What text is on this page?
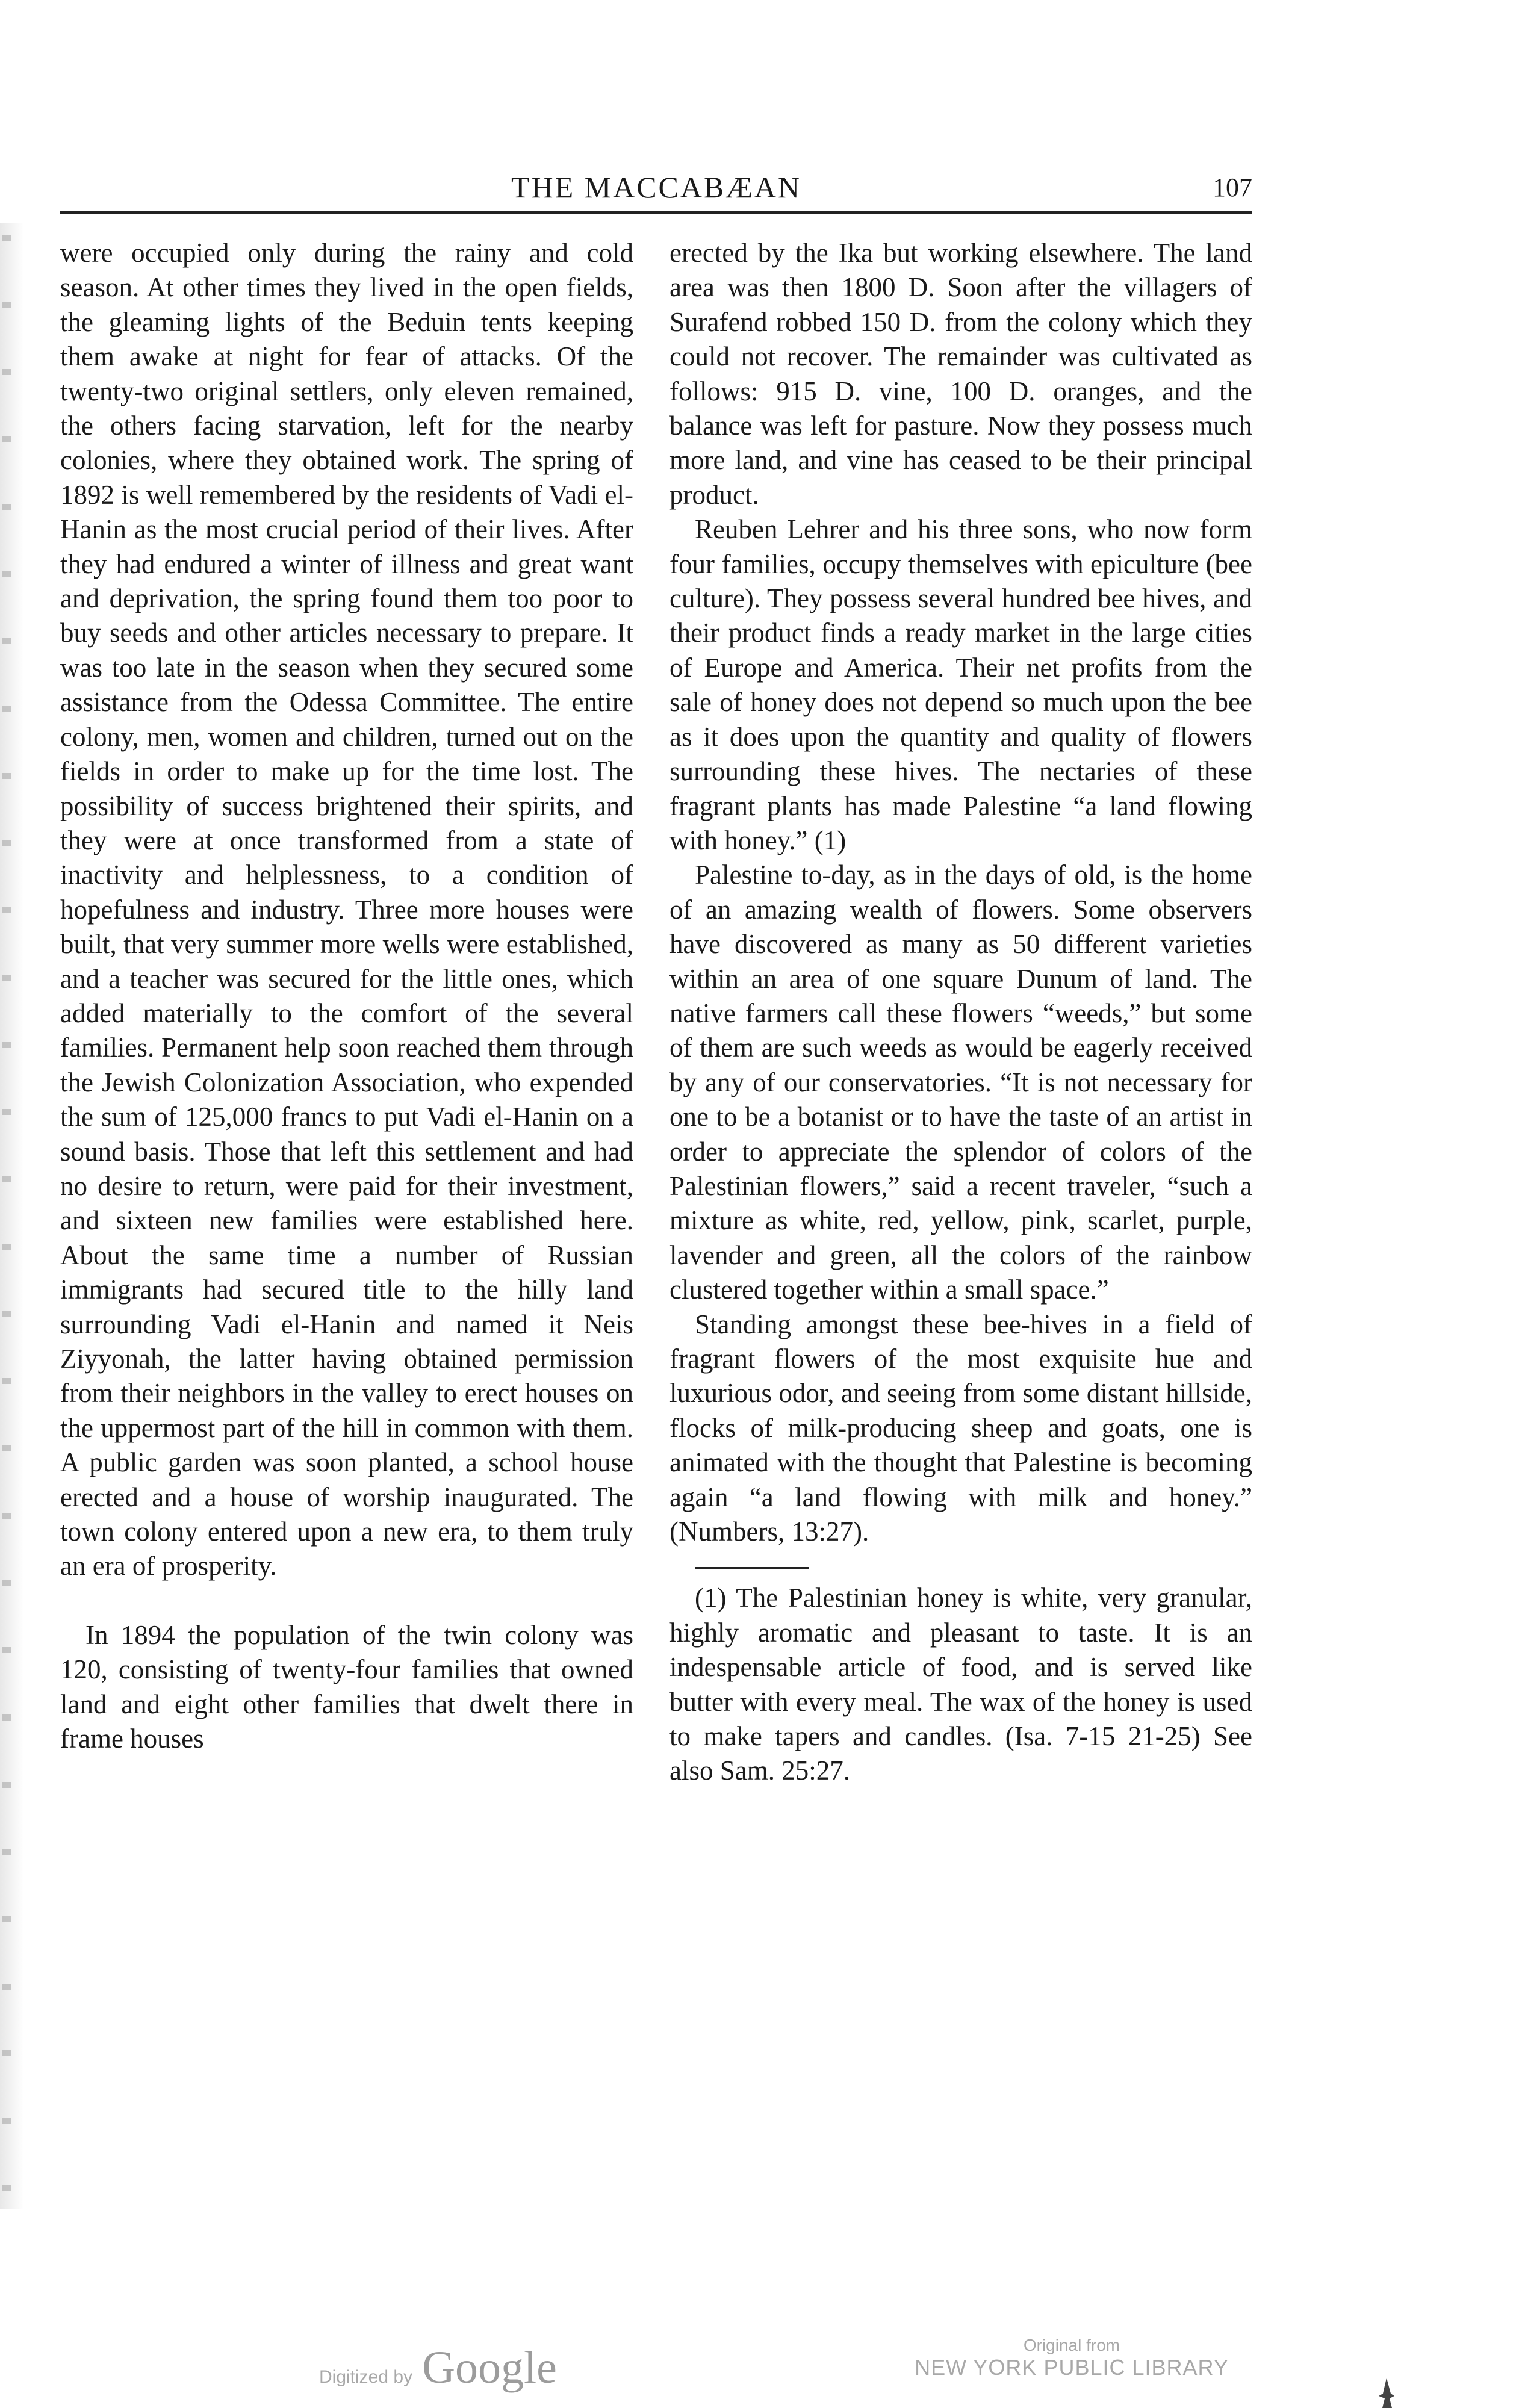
THE MACCABÆAN	107

were occupied only during the rainy and cold season. At other times they lived in the open fields, the gleaming lights of the Beduin tents keeping them awake at night for fear of attacks. Of the twenty-two original settlers, only eleven remained, the others facing starvation, left for the nearby colonies, where they obtained work. The spring of 1892 is well remembered by the residents of Vadi el-Hanin as the most crucial period of their lives. After they had endured a winter of illness and great want and deprivation, the spring found them too poor to buy seeds and other articles necessary to prepare. It was too late in the season when they secured some assistance from the Odessa Committee. The entire colony, men, women and children, turned out on the fields in order to make up for the time lost. The possibility of success brightened their spirits, and they were at once transformed from a state of inactivity and helplessness, to a condition of hopefulness and industry. Three more houses were built, that very summer more wells were established, and a teacher was secured for the little ones, which added materially to the comfort of the several families. Permanent help soon reached them through the Jewish Colonization Association, who expended the sum of 125,000 francs to put Vadi el-Hanin on a sound basis. Those that left this settlement and had no desire to return, were paid for their investment, and sixteen new families were established here. About the same time a number of Russian immigrants had secured title to the hilly land surrounding Vadi el-Hanin and named it Neis Ziyyonah, the latter having obtained permission from their neighbors in the valley to erect houses on the uppermost part of the hill in common with them. A public garden was soon planted, a school house erected and a house of worship inaugurated. The town colony entered upon a new era, to them truly an era of prosperity.

In 1894 the population of the twin colony was 120, consisting of twenty-four families that owned land and eight other families that dwelt there in frame houses

erected by the Ika but working elsewhere. The land area was then 1800 D. Soon after the villagers of Surafend robbed 150 D. from the colony which they could not recover. The remainder was cultivated as follows: 915 D. vine, 100 D. oranges, and the balance was left for pasture. Now they possess much more land, and vine has ceased to be their principal product.

Reuben Lehrer and his three sons, who now form four families, occupy themselves with epiculture (bee culture). They possess several hundred bee hives, and their product finds a ready market in the large cities of Europe and America. Their net profits from the sale of honey does not depend so much upon the bee as it does upon the quantity and quality of flowers surrounding these hives. The nectaries of these fragrant plants has made Palestine “a land flowing with honey.” (1)

Palestine to-day, as in the days of old, is the home of an amazing wealth of flowers. Some observers have discovered as many as 50 different varieties within an area of one square Dunum of land. The native farmers call these flowers “weeds,” but some of them are such weeds as would be eagerly received by any of our conservatories. “It is not necessary for one to be a botanist or to have the taste of an artist in order to appreciate the splendor of colors of the Palestinian flowers,” said a recent traveler, “such a mixture as white, red, yellow, pink, scarlet, purple, lavender and green, all the colors of the rainbow clustered together within a small space.”

Standing amongst these bee-hives in a field of fragrant flowers of the most exquisite hue and luxurious odor, and seeing from some distant hillside, flocks of milk-producing sheep and goats, one is animated with the thought that Palestine is becoming again “a land flowing with milk and honey.” (Numbers, 13:27).

(1) The Palestinian honey is white, very granular, highly aromatic and pleasant to taste. It is an indespensable article of food, and is served like butter with every meal. The wax of the honey is used to make tapers and candles. (Isa. 7-15 21-25) See also Sam. 25:27.

Digitized by Google	Original from
NEW YORK PUBLIC LIBRARY
